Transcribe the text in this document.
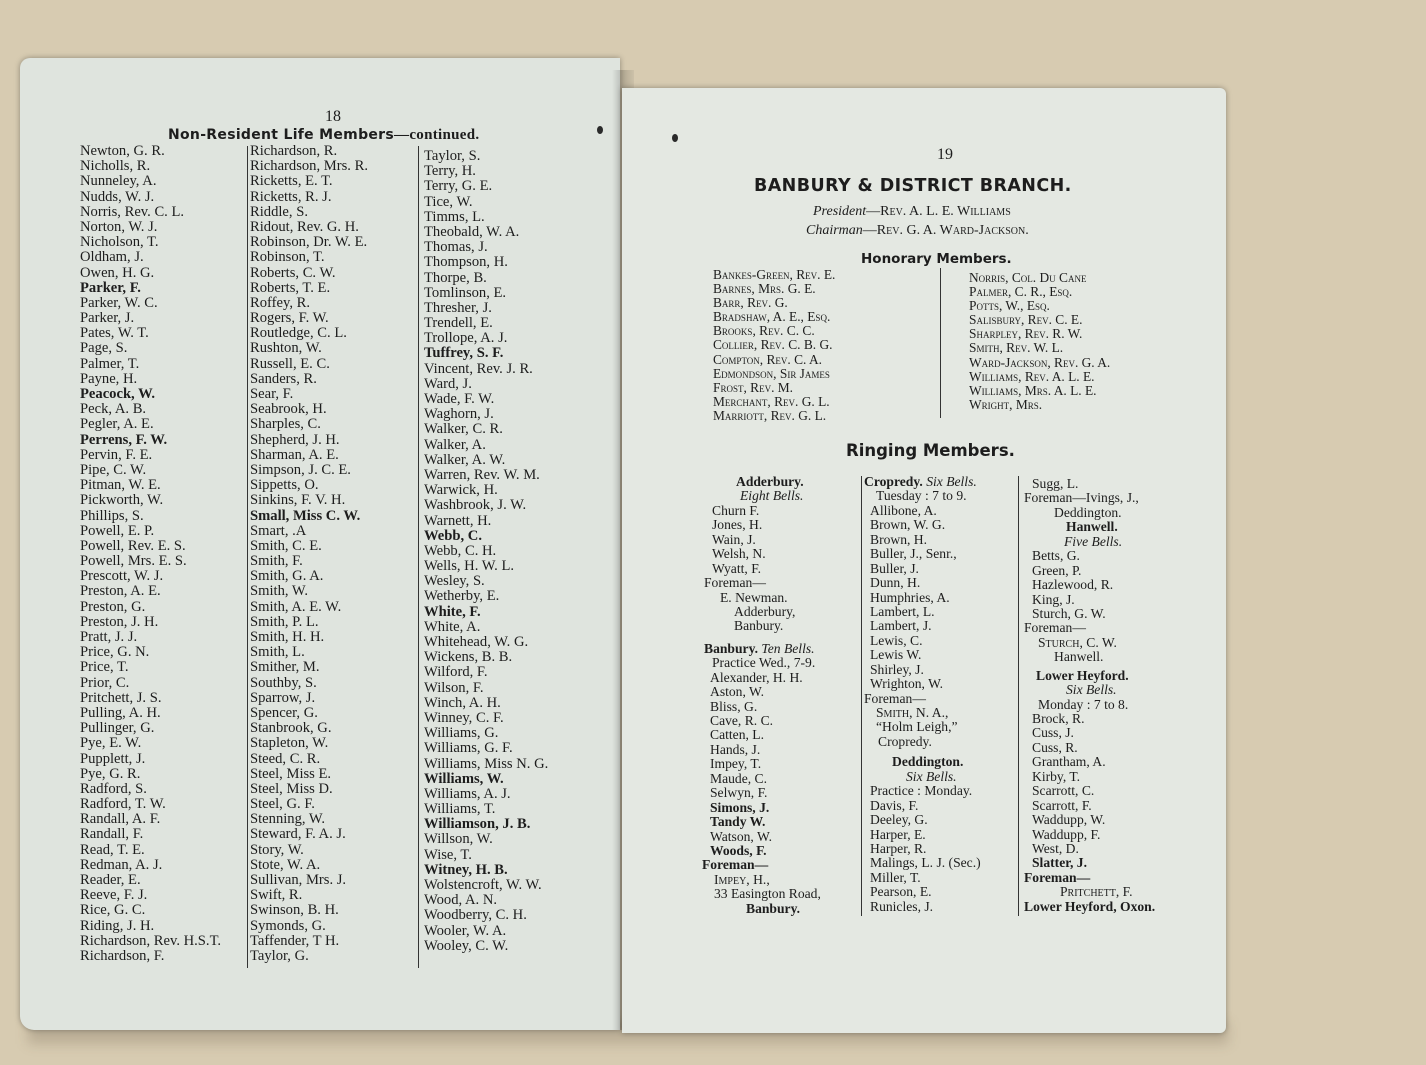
18
Non-Resident Life Members—continued.
Newton, G. R.
Nicholls, R.
Nunneley, A.
Nudds, W. J.
Norris, Rev. C. L.
Norton, W. J.
Nicholson, T.
Oldham, J.
Owen, H. G.
Parker, F.
Parker, W. C.
Parker, J.
Pates, W. T.
Page, S.
Palmer, T.
Payne, H.
Peacock, W.
Peck, A. B.
Pegler, A. E.
Perrens, F. W.
Pervin, F. E.
Pipe, C. W.
Pitman, W. E.
Pickworth, W.
Phillips, S.
Powell, E. P.
Powell, Rev. E. S.
Powell, Mrs. E. S.
Prescott, W. J.
Preston, A. E.
Preston, G.
Preston, J. H.
Pratt, J. J.
Price, G. N.
Price, T.
Prior, C.
Pritchett, J. S.
Pulling, A. H.
Pullinger, G.
Pye, E. W.
Pupplett, J.
Pye, G. R.
Radford, S.
Radford, T. W.
Randall, A. F.
Randall, F.
Read, T. E.
Redman, A. J.
Reader, E.
Reeve, F. J.
Rice, G. C.
Riding, J. H.
Richardson, Rev. H.S.T.
Richardson, F.
Richardson, R.
Richardson, Mrs. R.
Ricketts, E. T.
Ricketts, R. J.
Riddle, S.
Ridout, Rev. G. H.
Robinson, Dr. W. E.
Robinson, T.
Roberts, C. W.
Roberts, T. E.
Roffey, R.
Rogers, F. W.
Routledge, C. L.
Rushton, W.
Russell, E. C.
Sanders, R.
Sear, F.
Seabrook, H.
Sharples, C.
Shepherd, J. H.
Sharman, A. E.
Simpson, J. C. E.
Sippetts, O.
Sinkins, F. V. H.
Small, Miss C. W.
Smart, .A
Smith, C. E.
Smith, F.
Smith, G. A.
Smith, W.
Smith, A. E. W.
Smith, P. L.
Smith, H. H.
Smith, L.
Smither, M.
Southby, S.
Sparrow, J.
Spencer, G.
Stanbrook, G.
Stapleton, W.
Steed, C. R.
Steel, Miss E.
Steel, Miss D.
Steel, G. F.
Stenning, W.
Steward, F. A. J.
Story, W.
Stote, W. A.
Sullivan, Mrs. J.
Swift, R.
Swinson, B. H.
Symonds, G.
Taffender, T H.
Taylor, G.
Taylor, S.
Terry, H.
Terry, G. E.
Tice, W.
Timms, L.
Theobald, W. A.
Thomas, J.
Thompson, H.
Thorpe, B.
Tomlinson, E.
Thresher, J.
Trendell, E.
Trollope, A. J.
Tuffrey, S. F.
Vincent, Rev. J. R.
Ward, J.
Wade, F. W.
Waghorn, J.
Walker, C. R.
Walker, A.
Walker, A. W.
Warren, Rev. W. M.
Warwick, H.
Washbrook, J. W.
Warnett, H.
Webb, C.
Webb, C. H.
Wells, H. W. L.
Wesley, S.
Wetherby, E.
White, F.
White, A.
Whitehead, W. G.
Wickens, B. B.
Wilford, F.
Wilson, F.
Winch, A. H.
Winney, C. F.
Williams, G.
Williams, G. F.
Williams, Miss N. G.
Williams, W.
Williams, A. J.
Williams, T.
Williamson, J. B.
Willson, W.
Wise, T.
Witney, H. B.
Wolstencroft, W. W.
Wood, A. N.
Woodberry, C. H.
Wooler, W. A.
Wooley, C. W.
19
BANBURY & DISTRICT BRANCH.
President—Rev. A. L. E. Williams
Chairman—Rev. G. A. Ward-Jackson.
Honorary Members.
Bankes-Green, Rev. E.
Barnes, Mrs. G. E.
Barr, Rev. G.
Bradshaw, A. E., Esq.
Brooks, Rev. C. C.
Collier, Rev. C. B. G.
Compton, Rev. C. A.
Edmondson, Sir James
Frost, Rev. M.
Merchant, Rev. G. L.
Marriott, Rev. G. L.
Norris, Col. Du Cane
Palmer, C. R., Esq.
Potts, W., Esq.
Salisbury, Rev. C. E.
Sharpley, Rev. R. W.
Smith, Rev. W. L.
Ward-Jackson, Rev. G. A.
Williams, Rev. A. L. E.
Williams, Mrs. A. L. E.
Wright, Mrs.
Ringing Members.
Adderbury.
Eight Bells.
Churn F.
Jones, H.
Wain, J.
Welsh, N.
Wyatt, F.
Foreman—
E. Newman.
Adderbury,
Banbury.
Banbury. Ten Bells.
Practice Wed., 7-9.
Alexander, H. H.
Aston, W.
Bliss, G.
Cave, R. C.
Catten, L.
Hands, J.
Impey, T.
Maude, C.
Selwyn, F.
Simons, J.
Tandy W.
Watson, W.
Woods, F.
Foreman—
Impey, H.,
33 Easington Road,
Banbury.
Cropredy. Six Bells.
Tuesday : 7 to 9.
Allibone, A.
Brown, W. G.
Brown, H.
Buller, J., Senr.,
Buller, J.
Dunn, H.
Humphries, A.
Lambert, L.
Lambert, J.
Lewis, C.
Lewis W.
Shirley, J.
Wrighton, W.
Foreman—
Smith, N. A.,
“Holm Leigh,”
Cropredy.
Deddington.
Six Bells.
Practice : Monday.
Davis, F.
Deeley, G.
Harper, E.
Harper, R.
Malings, L. J. (Sec.)
Miller, T.
Pearson, E.
Runicles, J.
Sugg, L.
Foreman—Ivings, J.,
Deddington.
Hanwell.
Five Bells.
Betts, G.
Green, P.
Hazlewood, R.
King, J.
Sturch, G. W.
Foreman—
Sturch, C. W.
Hanwell.
Lower Heyford.
Six Bells.
Monday : 7 to 8.
Brock, R.
Cuss, J.
Cuss, R.
Grantham, A.
Kirby, T.
Scarrott, C.
Scarrott, F.
Waddupp, W.
Waddupp, F.
West, D.
Slatter, J.
Foreman—
Pritchett, F.
Lower Heyford, Oxon.
